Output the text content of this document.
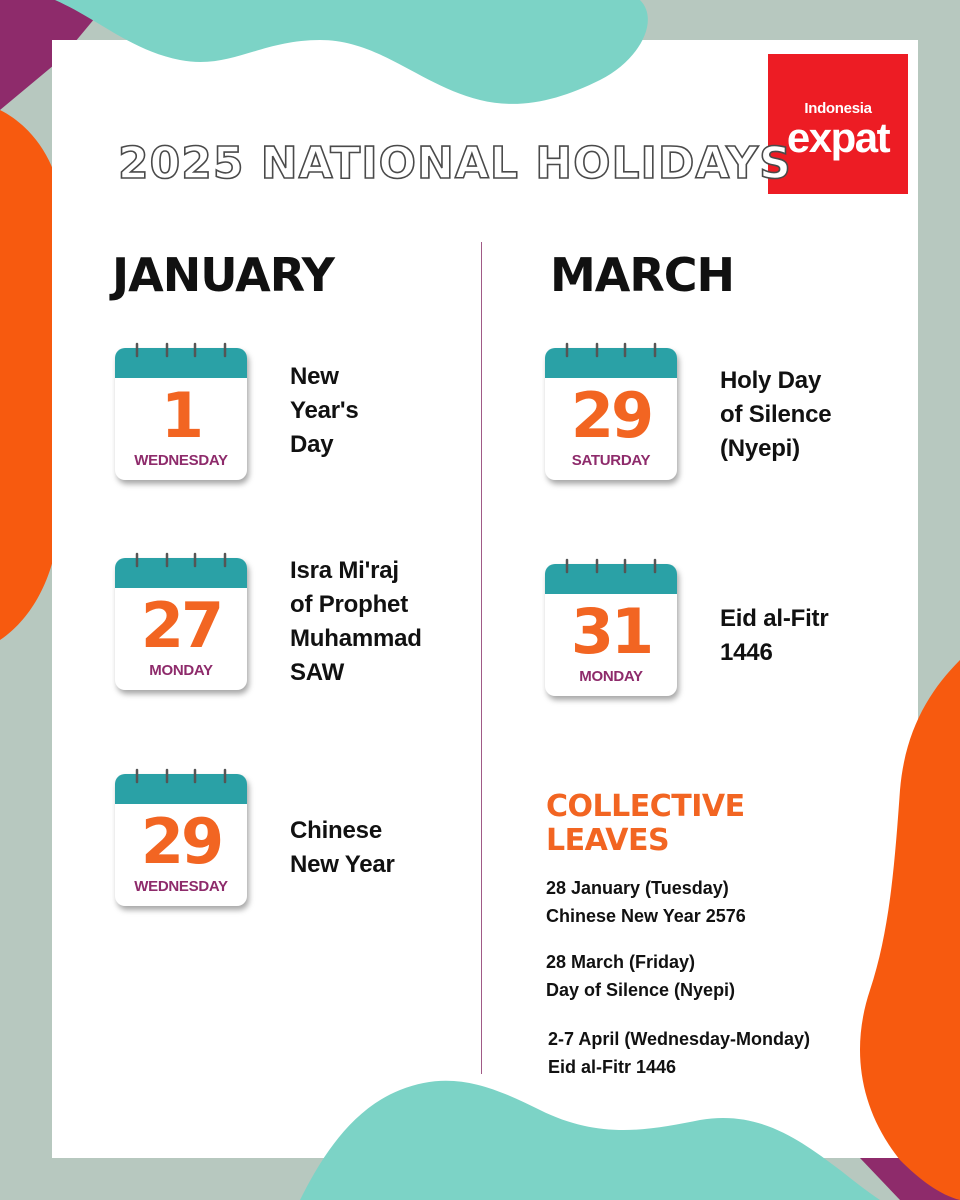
Indonesia
expat
2025 NATIONAL HOLIDAYS
JANUARY	MARCH
1
WEDNESDAY
New
Year's
Day
27
MONDAY
Isra Mi'raj
of Prophet
Muhammad
SAW
29
WEDNESDAY
Chinese
New Year
29
SATURDAY
Holy Day
of Silence
(Nyepi)
31
MONDAY
Eid al-Fitr
1446
COLLECTIVE
LEAVES
28 January (Tuesday)
Chinese New Year 2576
28 March (Friday)
Day of Silence (Nyepi)
2-7 April (Wednesday-Monday)
Eid al-Fitr 1446
